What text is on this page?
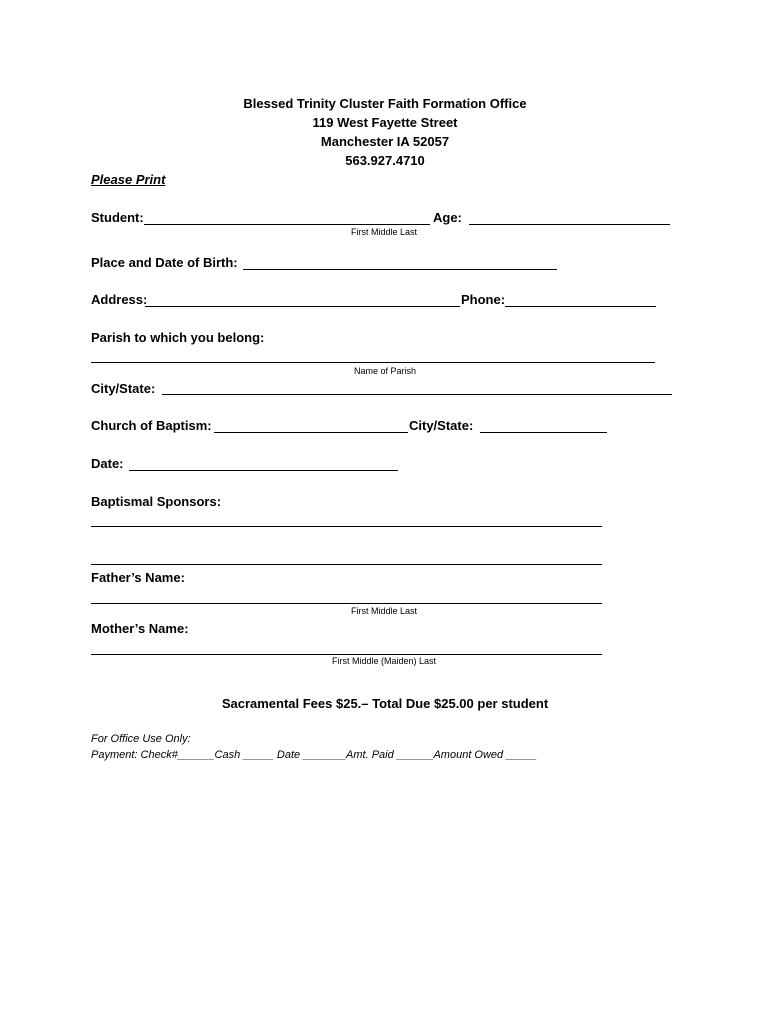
Blessed Trinity Cluster Faith Formation Office
119 West Fayette Street
Manchester IA 52057
563.927.4710
Please Print
Student:
First Middle Last
Age:
Place and Date of Birth:
Address:	Phone:
Parish to which you belong:
Name of Parish
City/State:
Church of Baptism:	City/State:
Date:
Baptismal Sponsors:
Father’s Name:
First Middle Last
Mother’s Name:
First Middle (Maiden) Last
Sacramental Fees $25.– Total Due $25.00 per student
For Office Use Only:
Payment: Check#______Cash _____ Date _______Amt. Paid ______Amount Owed _____
